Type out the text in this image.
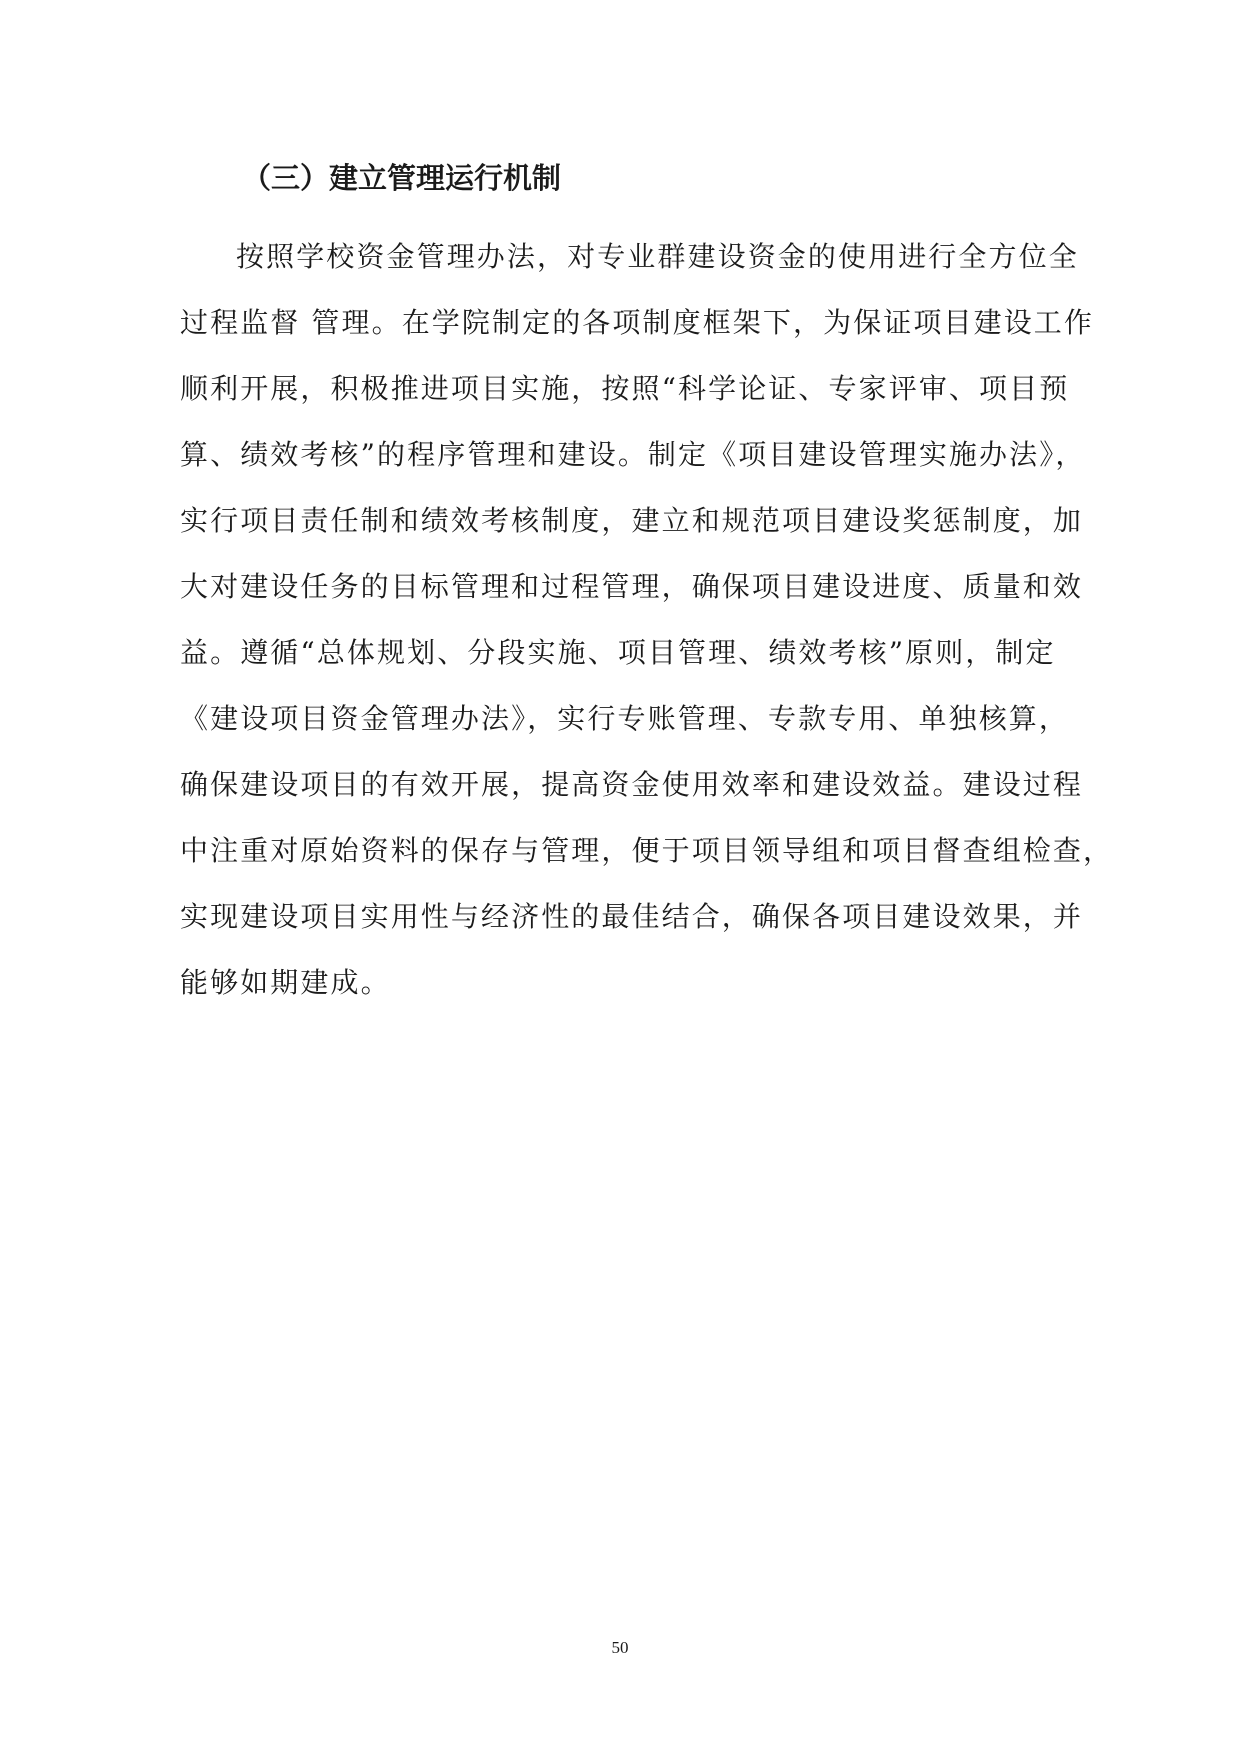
（三）建立管理运行机制
按照学校资金管理办法，对专业群建设资金的使用进行全方位全
过程监督 管理。在学院制定的各项制度框架下，为保证项目建设工作
顺利开展，积极推进项目实施，按照“科学论证、专家评审、项目预
算、绩效考核”的程序管理和建设。制定《项目建设管理实施办法》，
实行项目责任制和绩效考核制度，建立和规范项目建设奖惩制度，加
大对建设任务的目标管理和过程管理，确保项目建设进度、质量和效
益。遵循“总体规划、分段实施、项目管理、绩效考核”原则，制定
《建设项目资金管理办法》，实行专账管理、专款专用、单独核算，
确保建设项目的有效开展，提高资金使用效率和建设效益。建设过程
中注重对原始资料的保存与管理，便于项目领导组和项目督查组检查，
实现建设项目实用性与经济性的最佳结合，确保各项目建设效果，并
能够如期建成。
50
